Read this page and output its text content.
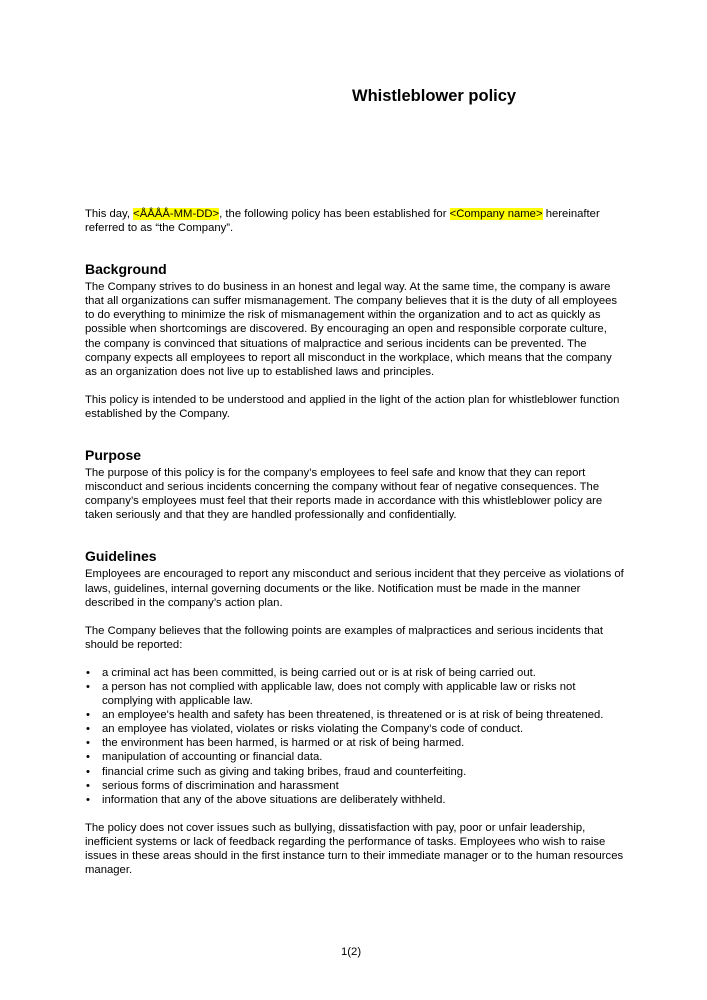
Whistleblower policy

This day, <ÅÅÅÅ-MM-DD>, the following policy has been established for <Company name> hereinafter referred to as “the Company”.

Background

The Company strives to do business in an honest and legal way. At the same time, the company is aware that all organizations can suffer mismanagement. The company believes that it is the duty of all employees to do everything to minimize the risk of mismanagement within the organization and to act as quickly as possible when shortcomings are discovered. By encouraging an open and responsible corporate culture, the company is convinced that situations of malpractice and serious incidents can be prevented. The company expects all employees to report all misconduct in the workplace, which means that the company as an organization does not live up to established laws and principles.

This policy is intended to be understood and applied in the light of the action plan for whistleblower function established by the Company.

Purpose

The purpose of this policy is for the company’s employees to feel safe and know that they can report misconduct and serious incidents concerning the company without fear of negative consequences. The company’s employees must feel that their reports made in accordance with this whistleblower policy are taken seriously and that they are handled professionally and confidentially.

Guidelines

Employees are encouraged to report any misconduct and serious incident that they perceive as violations of laws, guidelines, internal governing documents or the like. Notification must be made in the manner described in the company’s action plan.

The Company believes that the following points are examples of malpractices and serious incidents that should be reported:

• a criminal act has been committed, is being carried out or is at risk of being carried out.
• a person has not complied with applicable law, does not comply with applicable law or risks not complying with applicable law.
• an employee's health and safety has been threatened, is threatened or is at risk of being threatened.
• an employee has violated, violates or risks violating the Company’s code of conduct.
• the environment has been harmed, is harmed or at risk of being harmed.
• manipulation of accounting or financial data.
• financial crime such as giving and taking bribes, fraud and counterfeiting.
• serious forms of discrimination and harassment
• information that any of the above situations are deliberately withheld.

The policy does not cover issues such as bullying, dissatisfaction with pay, poor or unfair leadership, inefficient systems or lack of feedback regarding the performance of tasks. Employees who wish to raise issues in these areas should in the first instance turn to their immediate manager or to the human resources manager.

1(2)
